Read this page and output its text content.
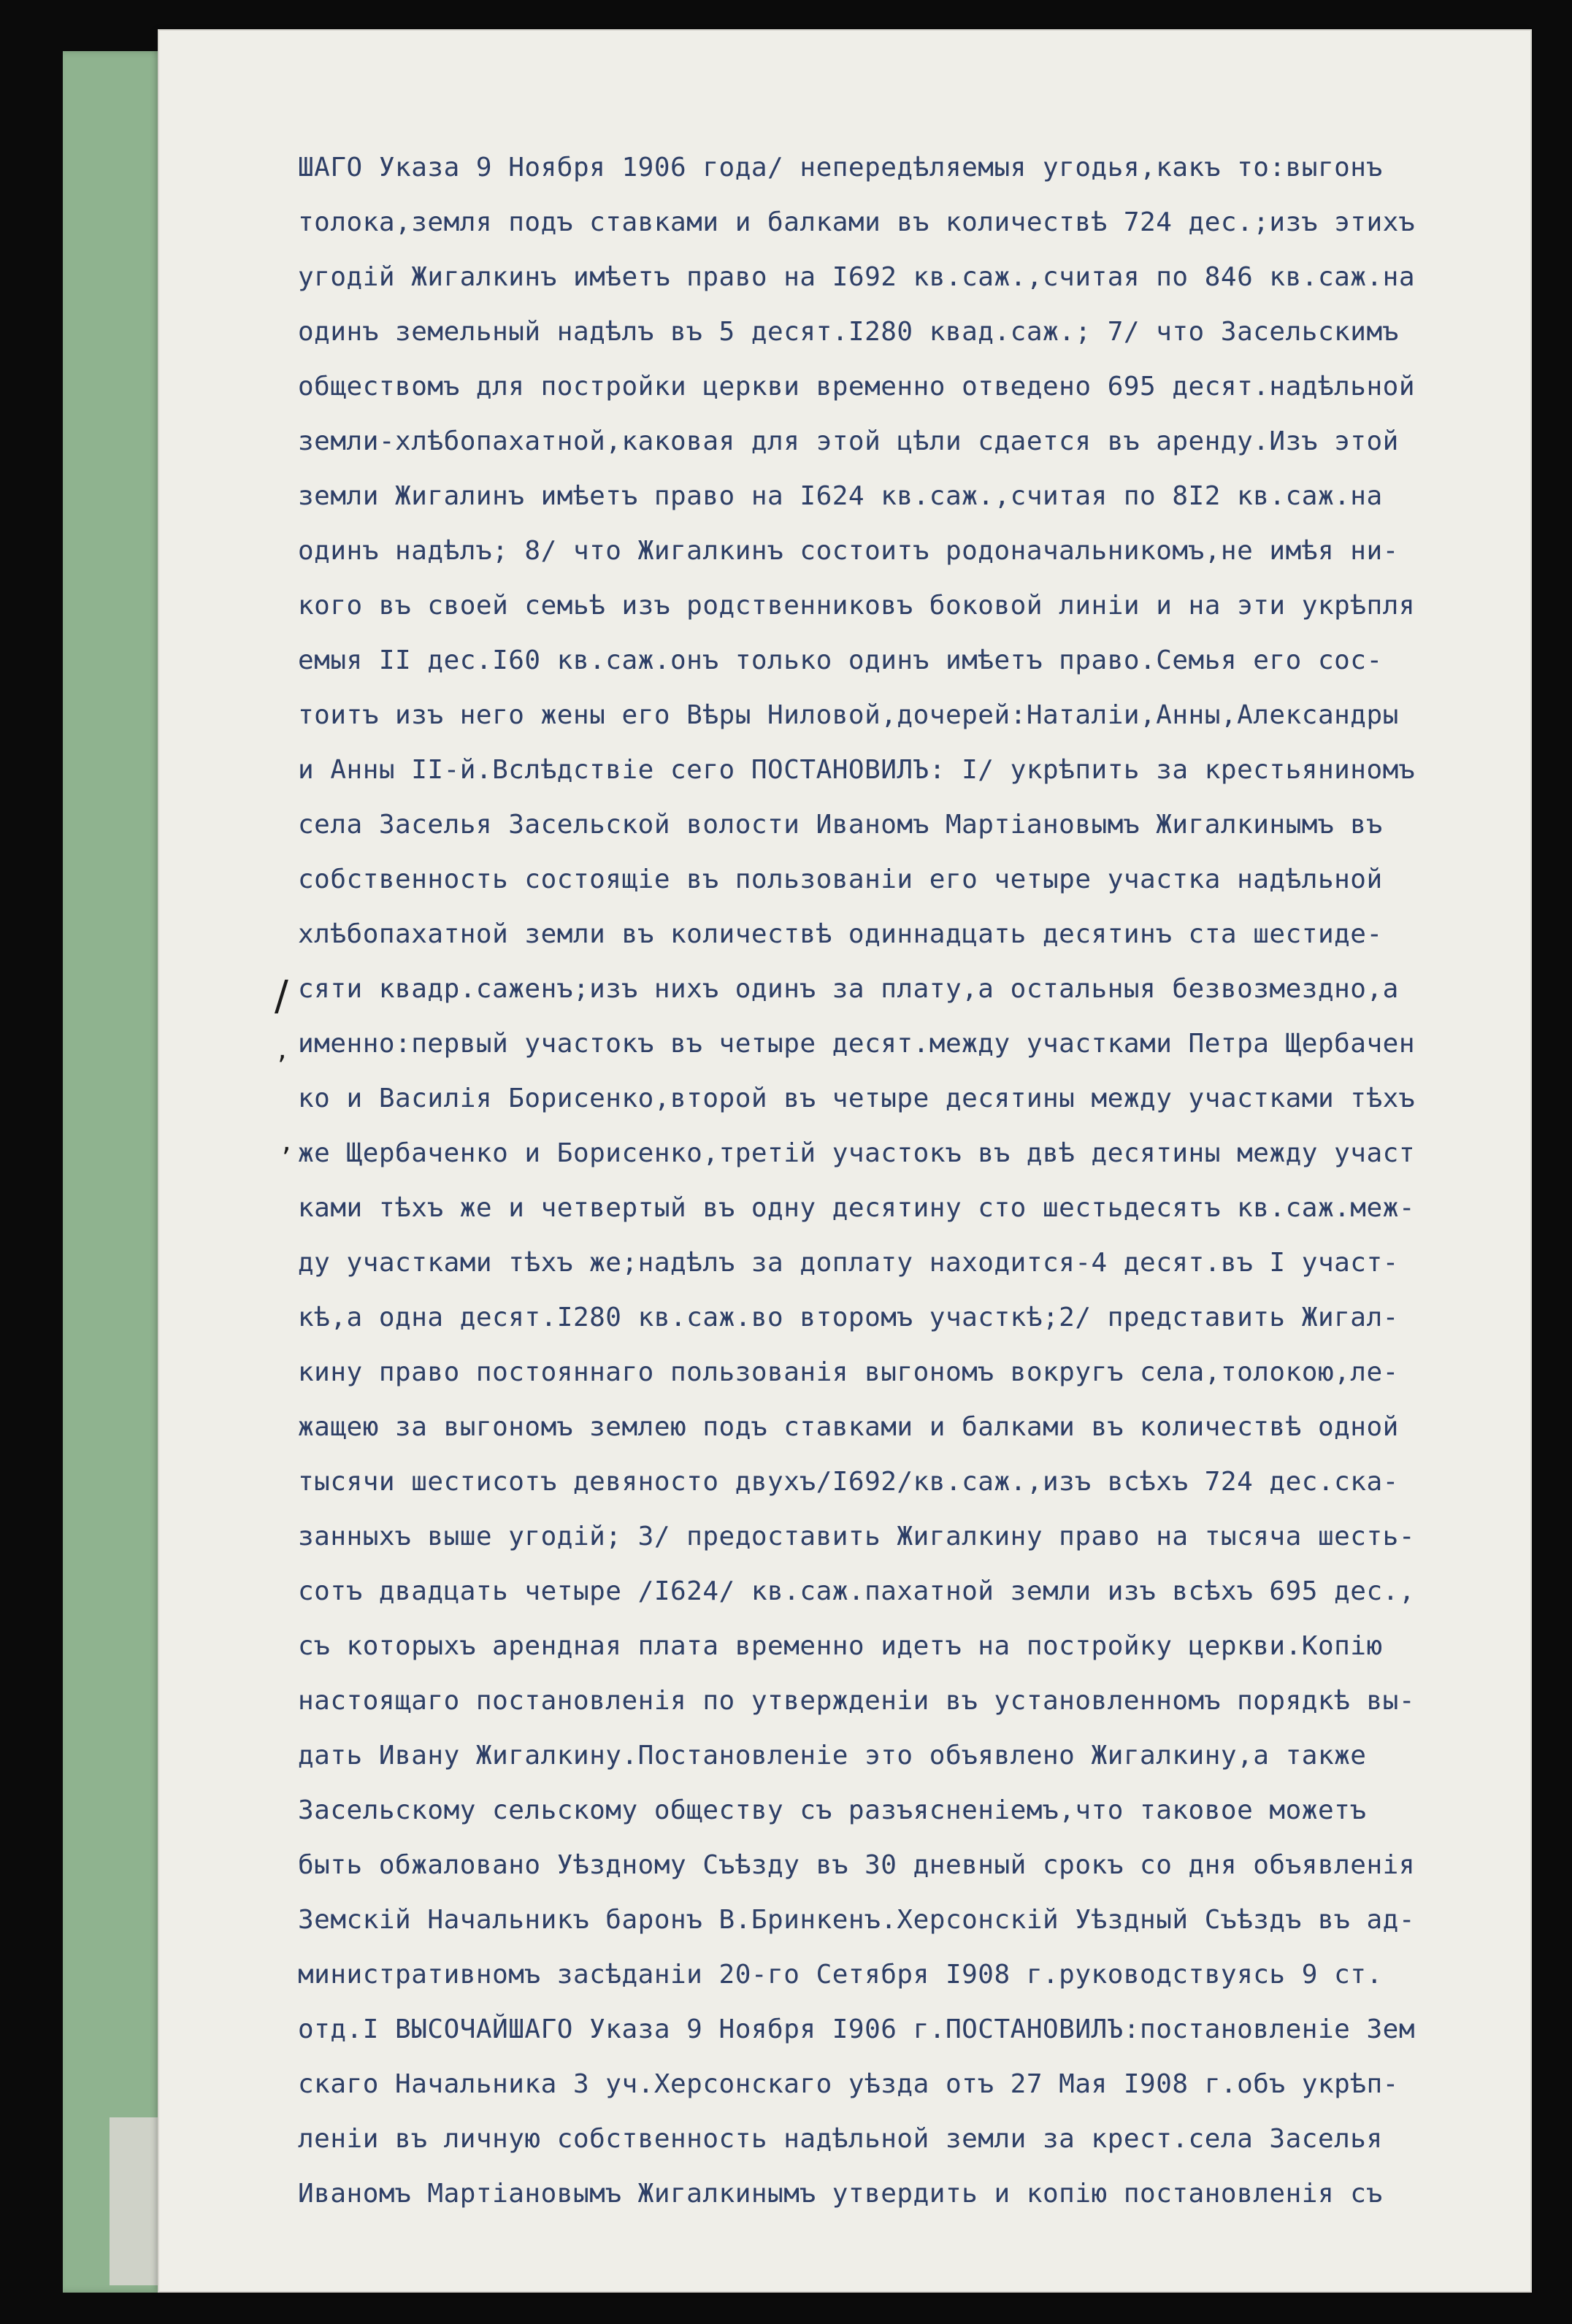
ШАГО Указа 9 Ноября 1906 года/ непередѣляемыя угодья,какъ то:выгонъ
толока,земля подъ ставками и балками въ количествѣ 724 дес.;изъ этихъ
угодій Жигалкинъ имѣетъ право на I692 кв.саж.,считая по 846 кв.саж.на
одинъ земельный надѣлъ въ 5 десят.I280 квад.саж.; 7/ что Засельскимъ
обществомъ для постройки церкви временно отведено 695 десят.надѣльной
земли-хлѣбопахатной,каковая для этой цѣли сдается въ аренду.Изъ этой
земли Жигалинъ имѣетъ право на I624 кв.саж.,считая по 8I2 кв.саж.на
одинъ надѣлъ; 8/ что Жигалкинъ состоитъ родоначальникомъ,не имѣя ни-
кого въ своей семьѣ изъ родственниковъ боковой линіи и на эти укрѣпля
емыя II дес.I60 кв.саж.онъ только одинъ имѣетъ право.Семья его сос-
тоитъ изъ него жены его Вѣры Ниловой,дочерей:Наталіи,Анны,Александры
и Анны II-й.Вслѣдствіе сего ПОСТАНОВИЛЪ: I/ укрѣпить за крестьяниномъ
села Заселья Засельской волости Иваномъ Мартіановымъ Жигалкинымъ въ
собственность состоящіе въ пользованіи его четыре участка надѣльной
хлѣбопахатной земли въ количествѣ одиннадцать десятинъ ста шестиде-
сяти квадр.саженъ;изъ нихъ одинъ за плату,а остальныя безвозмездно,а
именно:первый участокъ въ четыре десят.между участками Петра Щербачен
ко и Василія Борисенко,второй въ четыре десятины между участками тѣхъ
же Щербаченко и Борисенко,третій участокъ въ двѣ десятины между участ
ками тѣхъ же и четвертый въ одну десятину сто шестьдесятъ кв.саж.меж-
ду участками тѣхъ же;надѣлъ за доплату находится-4 десят.въ I участ-
кѣ,а одна десят.I280 кв.саж.во второмъ участкѣ;2/ представить Жигал-
кину право постояннаго пользованія выгономъ вокругъ села,толокою,ле-
жащею за выгономъ землею подъ ставками и балками въ количествѣ одной
тысячи шестисотъ девяносто двухъ/I692/кв.саж.,изъ всѣхъ 724 дес.ска-
занныхъ выше угодій; 3/ предоставить Жигалкину право на тысяча шесть-
сотъ двадцать четыре /I624/ кв.саж.пахатной земли изъ всѣхъ 695 дес.,
съ которыхъ арендная плата временно идетъ на постройку церкви.Копію
настоящаго постановленія по утвержденіи въ установленномъ порядкѣ вы-
дать Ивану Жигалкину.Постановленіе это объявлено Жигалкину,а также
Засельскому сельскому обществу съ разъясненіемъ,что таковое можетъ
быть обжаловано Уѣздному Съѣзду въ 30 дневный срокъ со дня объявленія
Земскій Начальникъ баронъ В.Бринкенъ.Херсонскій Уѣздный Съѣздъ въ ад-
министративномъ засѣданіи 20-го Сетября I908 г.руководствуясь 9 ст.
отд.I ВЫСОЧАЙШАГО Указа 9 Ноября I906 г.ПОСТАНОВИЛЪ:постановленіе Зем
скаго Начальника 3 уч.Херсонскаго уѣзда отъ 27 Мая I908 г.объ укрѣп-
леніи въ личную собственность надѣльной земли за крест.села Заселья
Иваномъ Мартіановымъ Жигалкинымъ утвердить и копію постановленія съ
/
,
,
